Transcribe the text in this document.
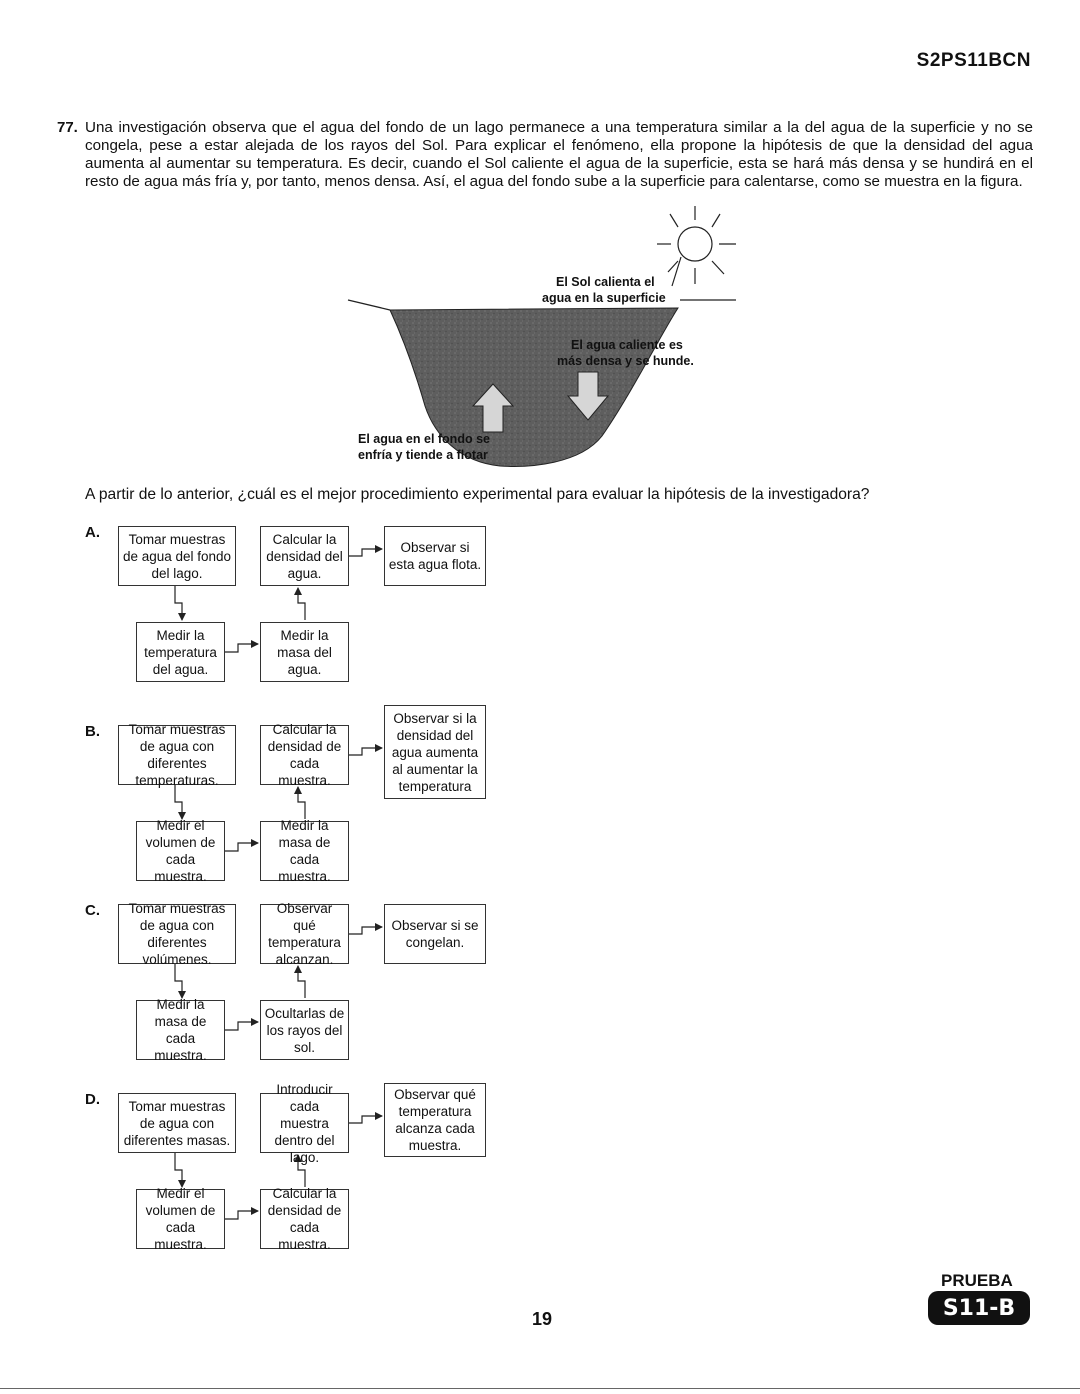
S2PS11BCN
77. Una investigación observa que el agua del fondo de un lago permanece a una temperatura similar a la del agua de la superficie y no se congela, pese a estar alejada de los rayos del Sol. Para explicar el fenómeno, ella propone la hipótesis de que la densidad del agua aumenta al aumentar su temperatura. Es decir, cuando el Sol caliente el agua de la superficie, esta se hará más densa y se hundirá en el resto de agua más fría y, por tanto, menos densa. Así, el agua del fondo sube a la superficie para calentarse, como se muestra en la figura.
El Sol calienta el
agua en la superficie
El agua caliente es
más densa y se hunde.
El agua en el fondo se
enfría y tiende a flotar
A partir de lo anterior, ¿cuál es el mejor procedimiento experimental para evaluar la hipótesis de la investigadora?
A.	Tomar muestras de agua del fondo del lago.
Medir la temperatura del agua.
Medir la masa del agua.
Calcular la densidad del agua.
Observar si esta agua flota.
B.	Tomar muestras de agua con diferentes temperaturas.
Medir el volumen de cada muestra.
Medir la masa de cada muestra.
Calcular la densidad de cada muestra.
Observar si la densidad del agua aumenta al aumentar la temperatura
C.	Tomar muestras de agua con diferentes volúmenes.
Medir la masa de cada muestra.
Ocultarlas de los rayos del sol.
Observar qué temperatura alcanzan.
Observar si se congelan.
D.	Tomar muestras de agua con diferentes masas.
Medir el volumen de cada muestra.
Calcular la densidad de cada muestra.
Introducir cada muestra dentro del lago.
Observar qué temperatura alcanza cada muestra.
19
PRUEBA
S11-B
